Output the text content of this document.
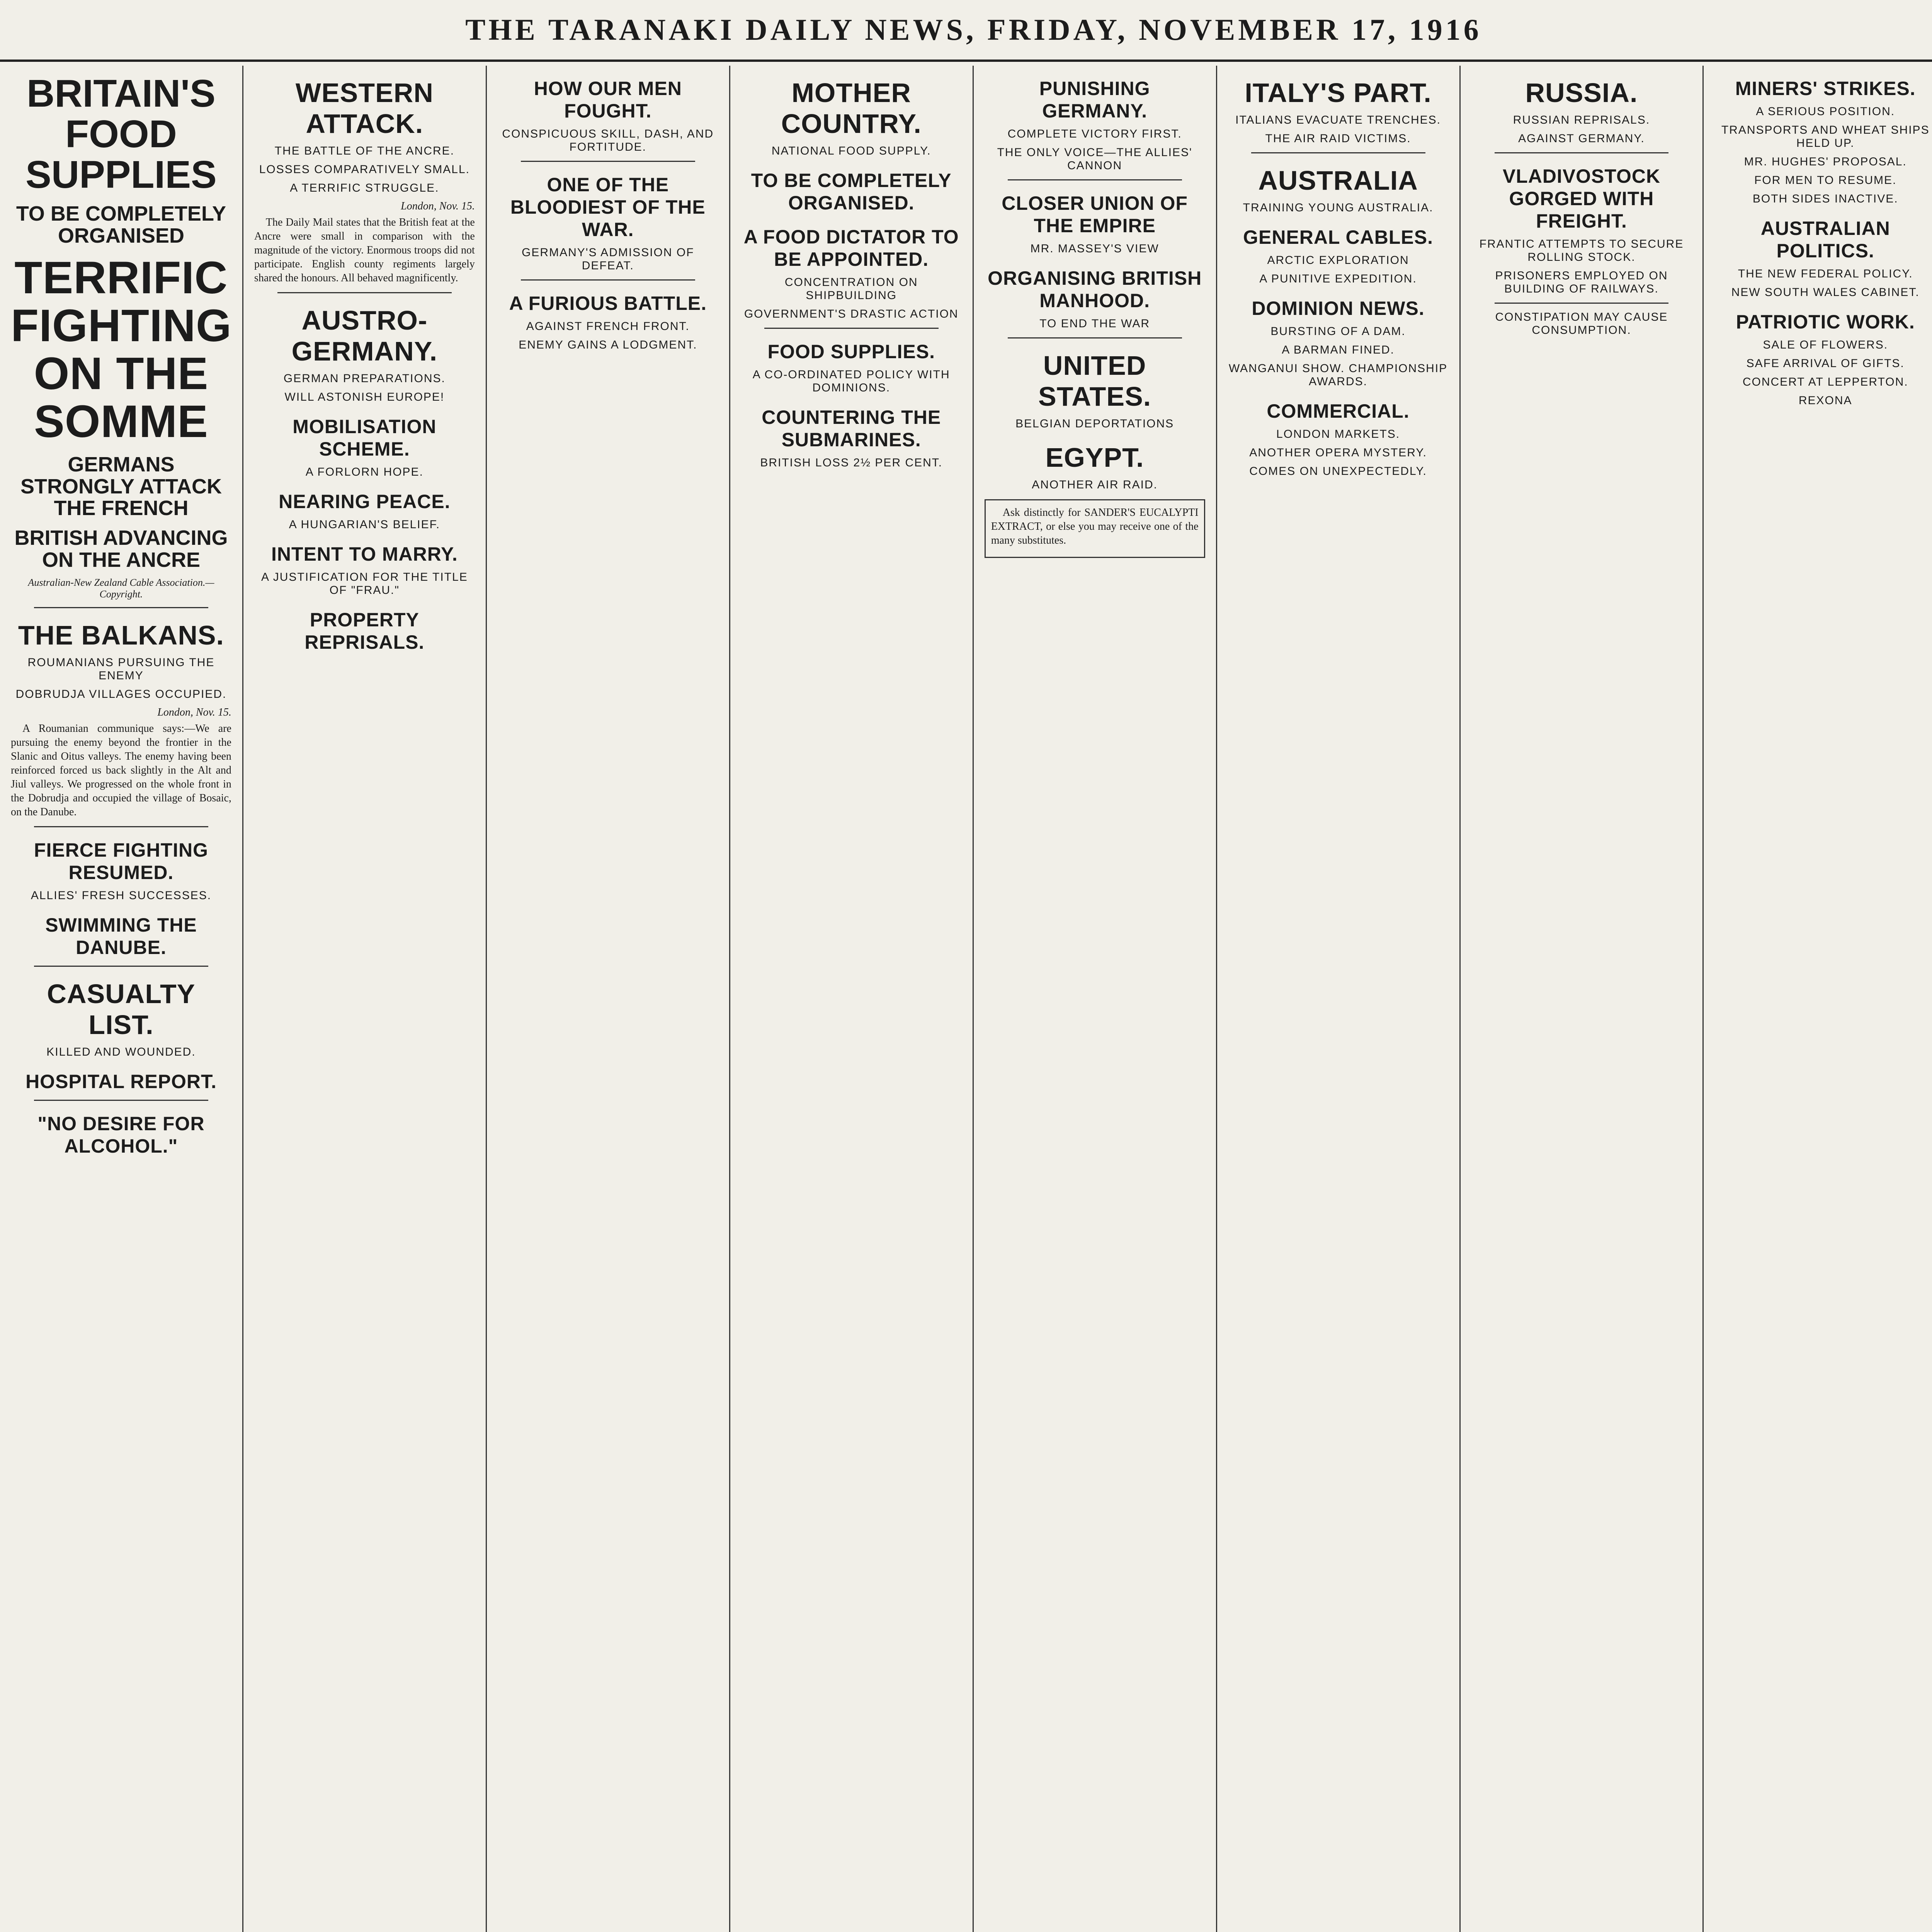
THE TARANAKI DAILY NEWS, FRIDAY, NOVEMBER 17, 1916
BRITAIN'S FOOD SUPPLIES
TO BE COMPLETELY ORGANISED
TERRIFIC FIGHTING ON THE SOMME
GERMANS STRONGLY ATTACK THE FRENCH
BRITISH ADVANCING ON THE ANCRE
Australian-New Zealand Cable Association.—Copyright.
THE BALKANS.
ROUMANIANS PURSUING THE ENEMY
DOBRUDJA VILLAGES OCCUPIED.
London, Nov. 15.

A Roumanian communique says:—We are pursuing the enemy beyond the frontier in the Slanic and Oitus valleys. The enemy having been reinforced forced us back slightly in the Alt and Jiul valleys. We progressed on the whole front in the Dobrudja and occupied the village of Bosaic, on the Danube.

FIERCE FIGHTING RESUMED.
ALLIES' FRESH SUCCESSES.
SWIMMING THE DANUBE.
CASUALTY LIST.
KILLED AND WOUNDED.
HOSPITAL REPORT.
"NO DESIRE FOR ALCOHOL."
WESTERN ATTACK.
THE BATTLE OF THE ANCRE.
LOSSES COMPARATIVELY SMALL.
A TERRIFIC STRUGGLE.
London, Nov. 15.

The Daily Mail states that the British feat at the Ancre were small in comparison with the magnitude of the victory. Enormous troops did not participate. English county regiments largely shared the honours. All behaved magnificently.

AUSTRO-GERMANY.
GERMAN PREPARATIONS.
WILL ASTONISH EUROPE!
MOBILISATION SCHEME.
A FORLORN HOPE.
NEARING PEACE.
A HUNGARIAN'S BELIEF.
INTENT TO MARRY.
A JUSTIFICATION FOR THE TITLE OF "FRAU."
PROPERTY REPRISALS.
HOW OUR MEN FOUGHT.
CONSPICUOUS SKILL, DASH, AND FORTITUDE.
ONE OF THE BLOODIEST OF THE WAR.
GERMANY'S ADMISSION OF DEFEAT.
A FURIOUS BATTLE.
AGAINST FRENCH FRONT.
ENEMY GAINS A LODGMENT.
MOTHER COUNTRY.
NATIONAL FOOD SUPPLY.
TO BE COMPLETELY ORGANISED.
A FOOD DICTATOR TO BE APPOINTED.
CONCENTRATION ON SHIPBUILDING
GOVERNMENT'S DRASTIC ACTION
FOOD SUPPLIES.
A CO-ORDINATED POLICY WITH DOMINIONS.
COUNTERING THE SUBMARINES.
BRITISH LOSS 2½ PER CENT.
PUNISHING GERMANY.
COMPLETE VICTORY FIRST.
THE ONLY VOICE—THE ALLIES' CANNON
CLOSER UNION OF THE EMPIRE
MR. MASSEY'S VIEW
ORGANISING BRITISH MANHOOD.
TO END THE WAR
UNITED STATES.
BELGIAN DEPORTATIONS
EGYPT.
ANOTHER AIR RAID.

Ask distinctly for SANDER'S EUCALYPTI EXTRACT, or else you may receive one of the many substitutes.

ITALY'S PART.
ITALIANS EVACUATE TRENCHES.
THE AIR RAID VICTIMS.
AUSTRALIA
TRAINING YOUNG AUSTRALIA.
GENERAL CABLES.
ARCTIC EXPLORATION
A PUNITIVE EXPEDITION.
DOMINION NEWS.
BURSTING OF A DAM.
A BARMAN FINED.
WANGANUI SHOW. CHAMPIONSHIP AWARDS.
COMMERCIAL.
LONDON MARKETS.
ANOTHER OPERA MYSTERY.
COMES ON UNEXPECTEDLY.
RUSSIA.
RUSSIAN REPRISALS.
AGAINST GERMANY.
VLADIVOSTOCK GORGED WITH FREIGHT.
FRANTIC ATTEMPTS TO SECURE ROLLING STOCK.
PRISONERS EMPLOYED ON BUILDING OF RAILWAYS.
CONSTIPATION MAY CAUSE CONSUMPTION.
MINERS' STRIKES.
A SERIOUS POSITION.
TRANSPORTS AND WHEAT SHIPS HELD UP.
MR. HUGHES' PROPOSAL.
FOR MEN TO RESUME.
BOTH SIDES INACTIVE.
AUSTRALIAN POLITICS.
THE NEW FEDERAL POLICY.
NEW SOUTH WALES CABINET.
PATRIOTIC WORK.
SALE OF FLOWERS.
SAFE ARRIVAL OF GIFTS.
CONCERT AT LEPPERTON.
REXONA
